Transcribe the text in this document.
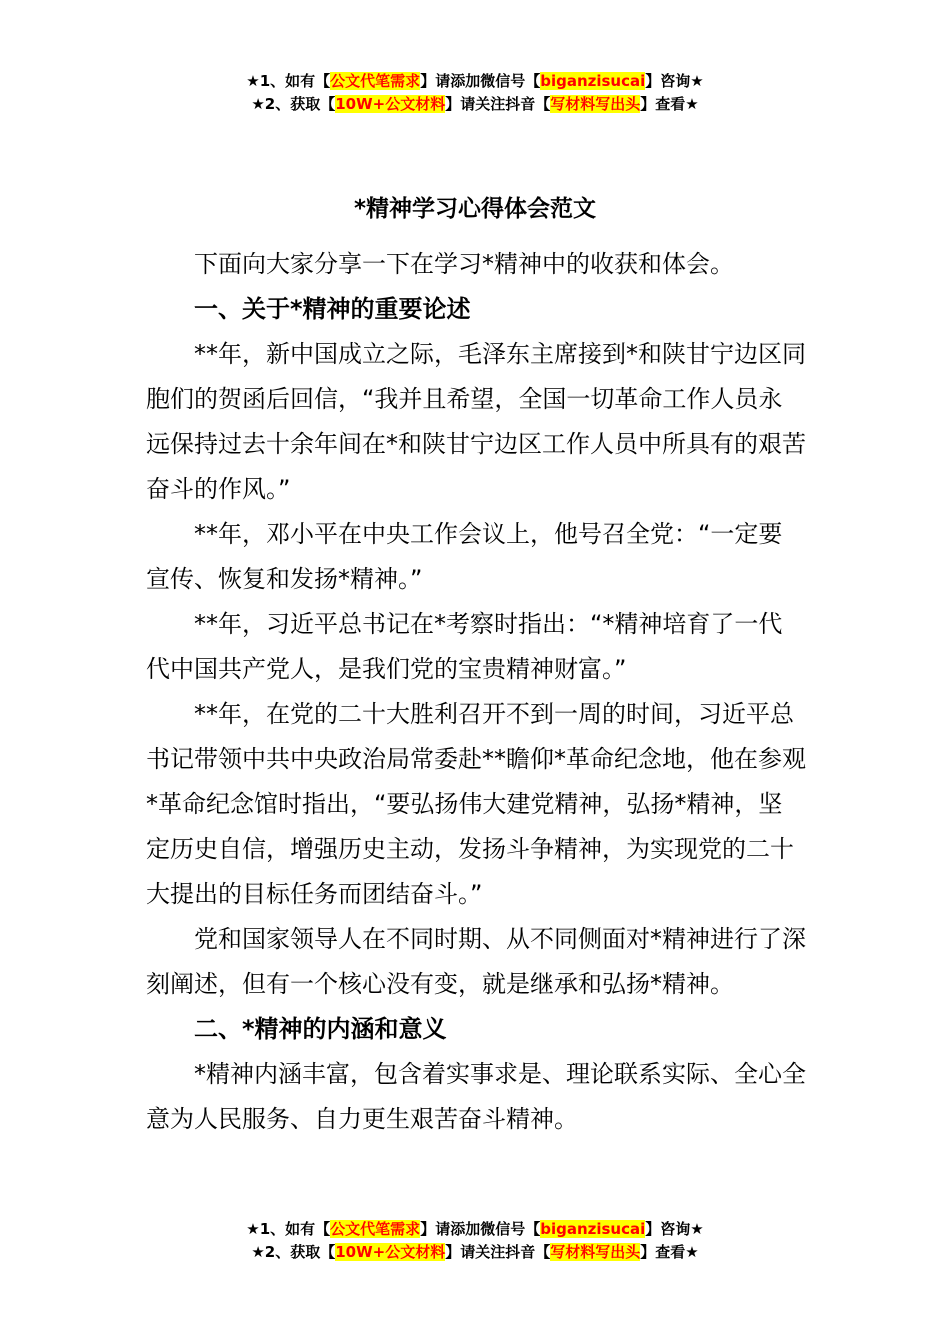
★1、如有【公文代笔需求】请添加微信号【biganzisucai】咨询★
★2、获取【10W+公文材料】请关注抖音【写材料写出头】查看★
*精神学习心得体会范文

下面向大家分享一下在学习*精神中的收获和体会。

一、关于*精神的重要论述

**年，新中国成立之际，毛泽东主席接到*和陕甘宁边区同胞们的贺函后回信，“我并且希望，全国一切革命工作人员永远保持过去十余年间在*和陕甘宁边区工作人员中所具有的艰苦奋斗的作风。”

**年，邓小平在中央工作会议上，他号召全党：“一定要宣传、恢复和发扬*精神。”

**年，习近平总书记在*考察时指出：“*精神培育了一代代中国共产党人，是我们党的宝贵精神财富。”

**年，在党的二十大胜利召开不到一周的时间，习近平总书记带领中共中央政治局常委赴**瞻仰*革命纪念地，他在参观*革命纪念馆时指出，“要弘扬伟大建党精神，弘扬*精神，坚定历史自信，增强历史主动，发扬斗争精神，为实现党的二十大提出的目标任务而团结奋斗。”

党和国家领导人在不同时期、从不同侧面对*精神进行了深刻阐述，但有一个核心没有变，就是继承和弘扬*精神。

二、*精神的内涵和意义

*精神内涵丰富，包含着实事求是、理论联系实际、全心全意为人民服务、自力更生艰苦奋斗精神。

★1、如有【公文代笔需求】请添加微信号【biganzisucai】咨询★
★2、获取【10W+公文材料】请关注抖音【写材料写出头】查看★
